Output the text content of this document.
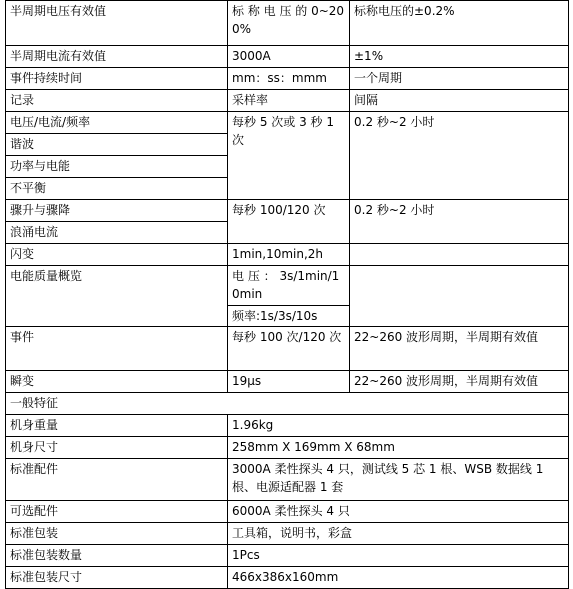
半周期电压有效值	标 称 电 压 的 0~200%	标称电压的±0.2%
半周期电流有效值	3000A	±1%
事件持续时间	mm：ss：mmm	一个周期
记录	采样率	间隔
电压/电流/频率	每秒 5 次或 3 秒 1 次	0.2 秒~2 小时
谐波		
功率与电能		
不平衡		
骤升与骤降	每秒 100/120 次	0.2 秒~2 小时
浪涌电流		
闪变	1min,10min,2h	
电能质量概览	电 压 ： 3s/1min/10min	
	频率:1s/3s/10s	
事件	每秒 100 次/120 次	22~260 波形周期，半周期有效值
瞬变	19μs	22~260 波形周期，半周期有效值
一般特征		
机身重量	1.96kg	
机身尺寸	258mm X 169mm X 68mm	
标准配件	3000A 柔性探头 4 只，测试线 5 芯 1 根、WSB 数据线 1 根、电源适配器 1 套	
可选配件	6000A 柔性探头 4 只	
标准包装	工具箱，说明书，彩盒	
标准包装数量	1Pcs	
标准包装尺寸	466x386x160mm	
